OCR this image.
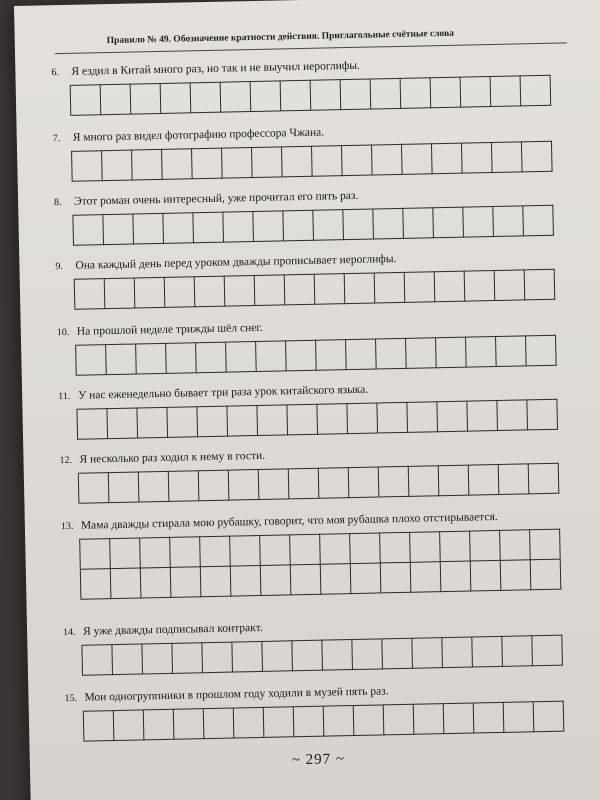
Правило № 49. Обозначение кратности действия. Приглагольные счётные слова
6. Я ездил в Китай много раз, но так и не выучил иероглифы.
7. Я много раз видел фотографию профессора Чжана.
8. Этот роман очень интересный, уже прочитал его пять раз.
9. Она каждый день перед уроком дважды прописывает иероглифы.
10. На прошлой неделе трижды шёл снег.
11. У нас еженедельно бывает три раза урок китайского языка.
12. Я несколько раз ходил к нему в гости.
13. Мама дважды стирала мою рубашку, говорит, что моя рубашка плохо отстирывается.
14. Я уже дважды подписывал контракт.
15. Мои одногруппники в прошлом году ходили в музей пять раз.
~ 297 ~
